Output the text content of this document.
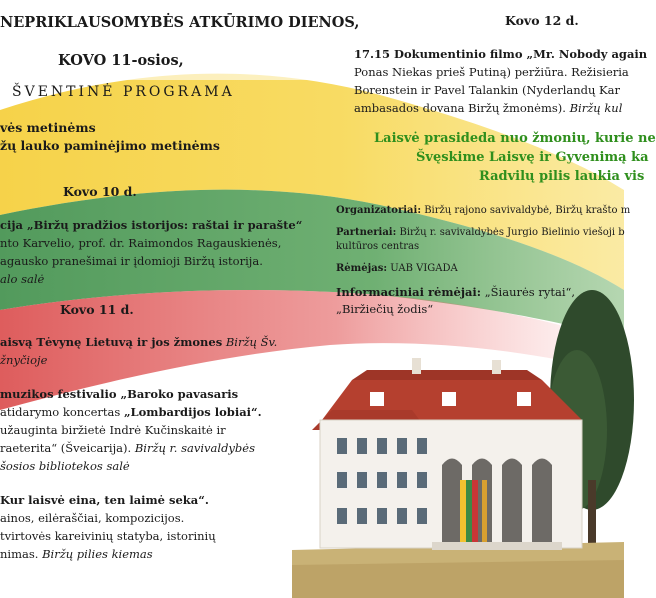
NEPRIKLAUSOMYBĖS ATKŪRIMO DIENOS,
KOVO 11-osios,
ŠVENTINĖ PROGRAMA
vės metinėms
žų lauko paminėjimo metinėms
Kovo 10 d.
cija „Biržų pradžios istorijos: raštai ir parašte“
nto Karvelio, prof. dr. Raimondos Ragauskienės,
agausko pranešimai ir įdomioji Biržų istorija.
alo salė
Kovo 11 d.
aisvą Tėvynę Lietuvą ir jos žmones Biržų Šv.
žnyčioje
muzikos festivalio „Baroko pavasaris
atidarymo koncertas „Lombardijos lobiai“.
užauginta biržietė Indrė Kučinskaitė ir
raeterita“ (Šveicarija). Biržų r. savivaldybės
šosios bibliotekos salė
Kur laisvė eina, ten laimė seka“.
ainos, eilėraščiai, kompozicijos.
tvirtovės kareivinių statyba, istorinių
nimas. Biržų pilies kiemas
Kovo 12 d.
17.15 Dokumentinio filmo „Mr. Nobody again
Ponas Niekas prieš Putiną) peržiūra. Režisieria
Borenstein ir Pavel Talankin (Nyderlandų Kar
ambasados dovana Biržų žmonėms). Biržų kul
Laisvė prasideda nuo žmonių, kurie ne
Švęskime Laisvę ir Gyvenimą ka
Radvilų pilis laukia vis
Organizatoriai: Biržų rajono savivaldybė, Biržų krašto m
Partneriai: Biržų r. savivaldybės Jurgio Bielinio viešoji b
kultūros centras
Rėmėjas: UAB VIGADA
Informaciniai rėmėjai: „Šiaurės rytai“,
„Biržiečių žodis“
